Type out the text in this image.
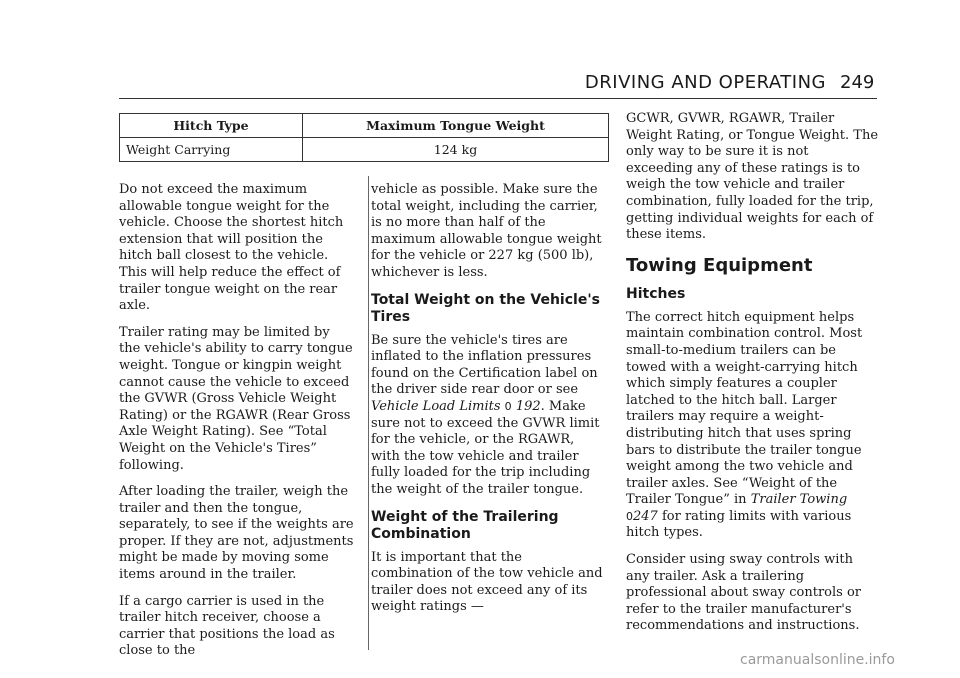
DRIVING AND OPERATING 249
Hitch Type	Maximum Tongue Weight
Weight Carrying	124 kg

Do not exceed the maximum allowable tongue weight for the vehicle. Choose the shortest hitch extension that will position the hitch ball closest to the vehicle. This will help reduce the effect of trailer tongue weight on the rear axle.

Trailer rating may be limited by the vehicle's ability to carry tongue weight. Tongue or kingpin weight cannot cause the vehicle to exceed the GVWR (Gross Vehicle Weight Rating) or the RGAWR (Rear Gross Axle Weight Rating). See “Total Weight on the Vehicle's Tires” following.

After loading the trailer, weigh the trailer and then the tongue, separately, to see if the weights are proper. If they are not, adjustments might be made by moving some items around in the trailer.

If a cargo carrier is used in the trailer hitch receiver, choose a carrier that positions the load as close to the

vehicle as possible. Make sure the total weight, including the carrier, is no more than half of the maximum allowable tongue weight for the vehicle or 227 kg (500 lb), whichever is less.

Total Weight on the Vehicle's Tires

Be sure the vehicle's tires are inflated to the inflation pressures found on the Certification label on the driver side rear door or see Vehicle Load Limits 0 192. Make sure not to exceed the GVWR limit for the vehicle, or the RGAWR, with the tow vehicle and trailer fully loaded for the trip including the weight of the trailer tongue.

Weight of the Trailering Combination

It is important that the combination of the tow vehicle and trailer does not exceed any of its weight ratings —

GCWR, GVWR, RGAWR, Trailer Weight Rating, or Tongue Weight. The only way to be sure it is not exceeding any of these ratings is to weigh the tow vehicle and trailer combination, fully loaded for the trip, getting individual weights for each of these items.

Towing Equipment
Hitches

The correct hitch equipment helps maintain combination control. Most small-to-medium trailers can be towed with a weight-carrying hitch which simply features a coupler latched to the hitch ball. Larger trailers may require a weight-distributing hitch that uses spring bars to distribute the trailer tongue weight among the two vehicle and trailer axles. See “Weight of the Trailer Tongue” in Trailer Towing 0247 for rating limits with various hitch types.

Consider using sway controls with any trailer. Ask a trailering professional about sway controls or refer to the trailer manufacturer's recommendations and instructions.

carmanualsonline.info
